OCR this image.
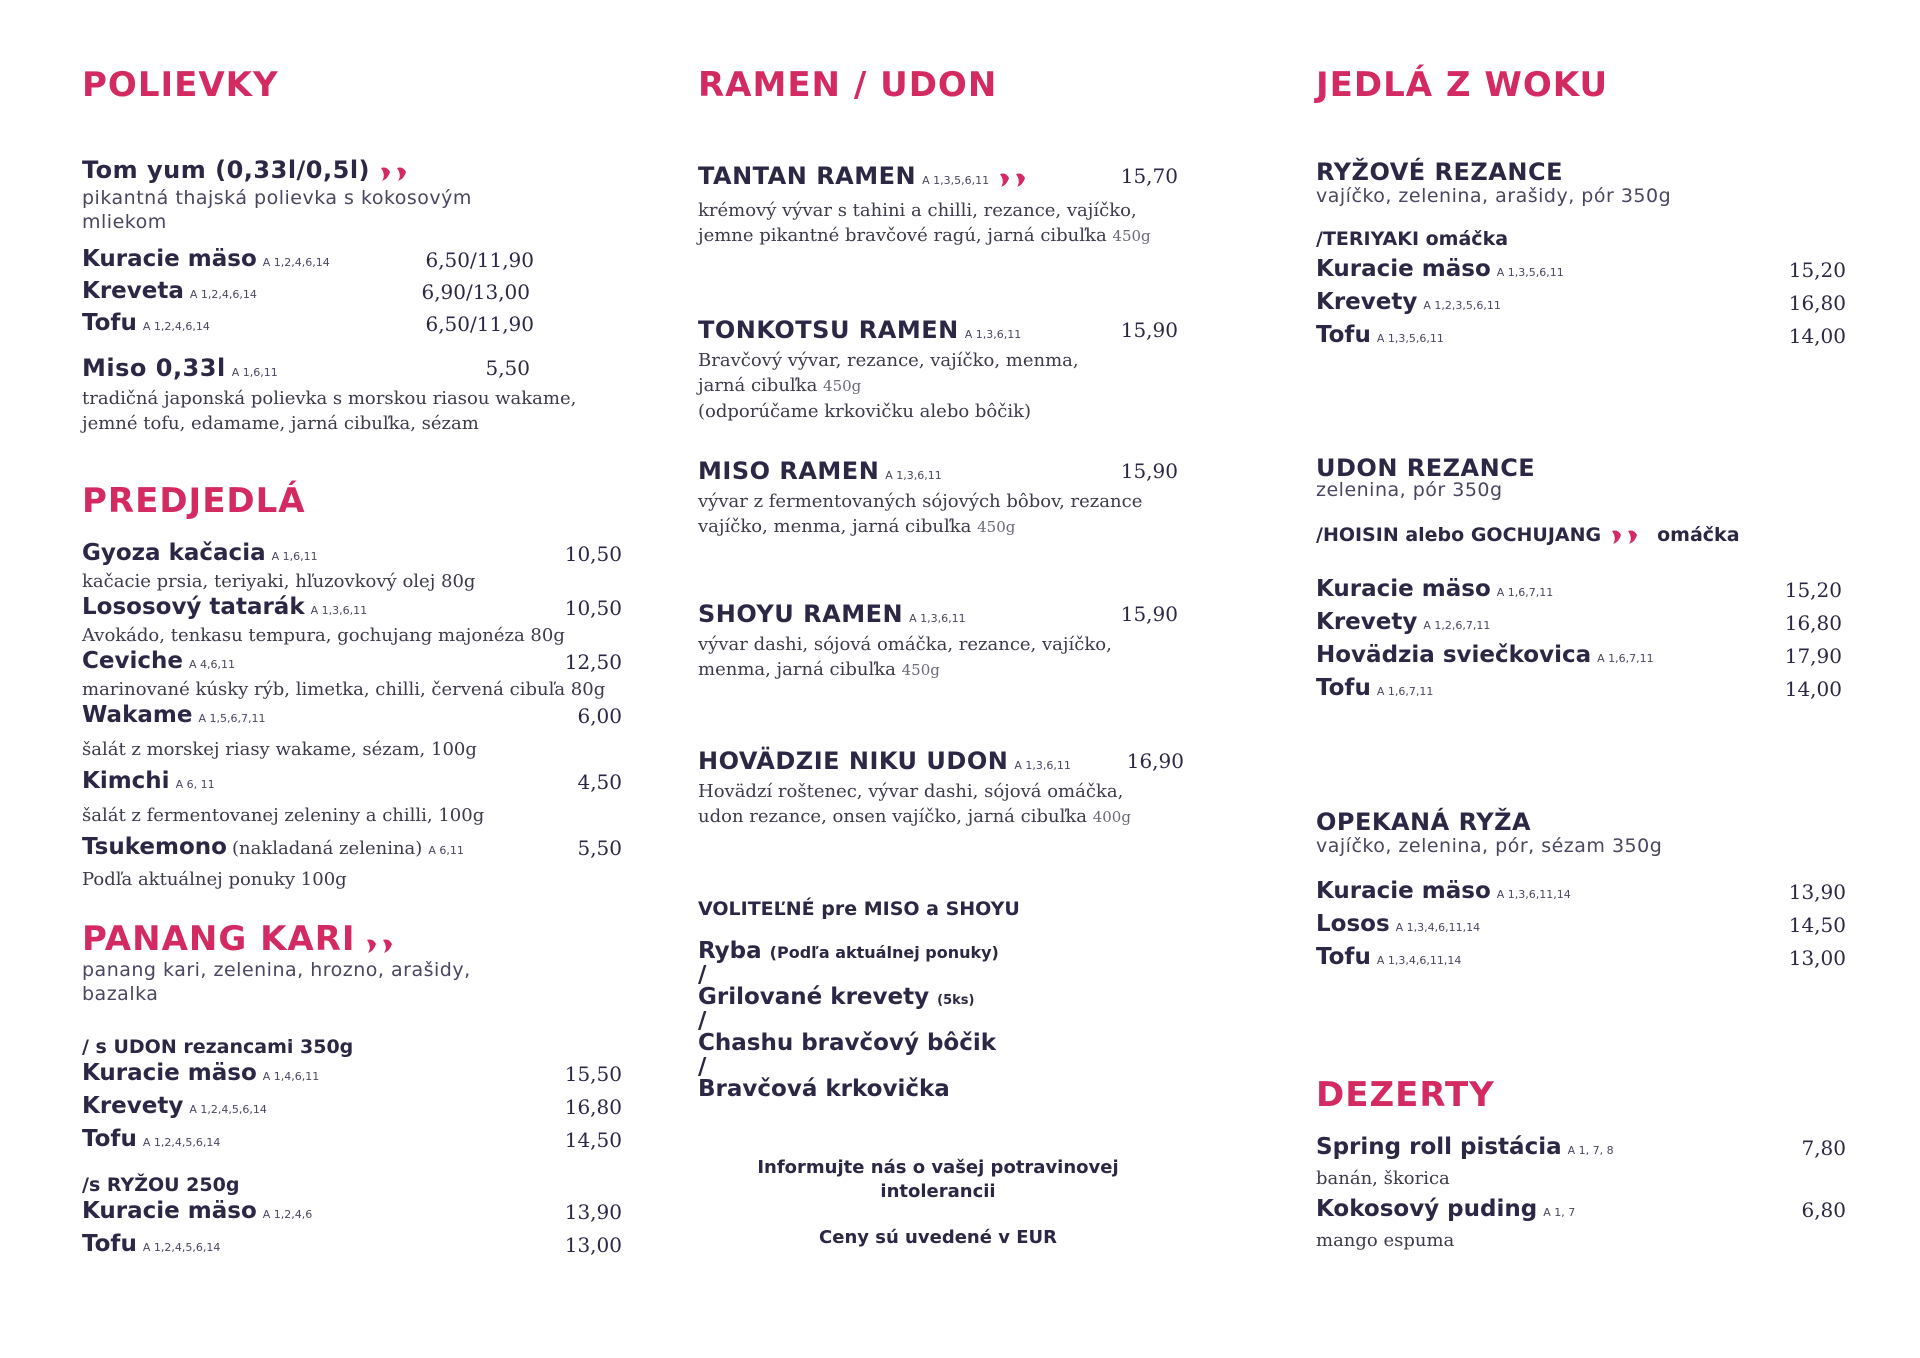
POLIEVKY
Tom yum (0,33l/0,5l)
pikantná thajská polievka s kokosovým
mliekom
Kuracie mäso A 1,2,4,6,14	6,50/11,90
Kreveta A 1,2,4,6,14	6,90/13,00
Tofu A 1,2,4,6,14	6,50/11,90
Miso 0,33l A 1,6,11	5,50
tradičná japonská polievka s morskou riasou wakame,
jemné tofu, edamame, jarná cibuľka, sézam
PREDJEDLÁ
Gyoza kačacia A 1,6,11	10,50
kačacie prsia, teriyaki, hľuzovkový olej 80g
Lososový tatarák A 1,3,6,11	10,50
Avokádo, tenkasu tempura, gochujang majonéza 80g
Ceviche A 4,6,11	12,50
marinované kúsky rýb, limetka, chilli, červená cibuľa 80g
Wakame A 1,5,6,7,11	6,00
šalát z morskej riasy wakame, sézam, 100g
Kimchi A 6, 11	4,50
šalát z fermentovanej zeleniny a chilli, 100g
Tsukemono (nakladaná zelenina) A 6,11	5,50
Podľa aktuálnej ponuky 100g
PANANG KARI
panang kari, zelenina, hrozno, arašidy,
bazalka
/ s UDON rezancami 350g
Kuracie mäso A 1,4,6,11	15,50
Krevety A 1,2,4,5,6,14	16,80
Tofu A 1,2,4,5,6,14	14,50
/s RYŽOU 250g
Kuracie mäso A 1,2,4,6	13,90
Tofu A 1,2,4,5,6,14	13,00
RAMEN / UDON
TANTAN RAMEN A 1,3,5,6,11	15,70
krémový vývar s tahini a chilli, rezance, vajíčko,
jemne pikantné bravčové ragú, jarná cibuľka 450g
TONKOTSU RAMEN A 1,3,6,11	15,90
Bravčový vývar, rezance, vajíčko, menma,
jarná cibuľka 450g
(odporúčame krkovičku alebo bôčik)
MISO RAMEN A 1,3,6,11	15,90
vývar z fermentovaných sójových bôbov, rezance
vajíčko, menma, jarná cibuľka 450g
SHOYU RAMEN A 1,3,6,11	15,90
vývar dashi, sójová omáčka, rezance, vajíčko,
menma, jarná cibuľka 450g
HOVÄDZIE NIKU UDON A 1,3,6,11	16,90
Hovädzí roštenec, vývar dashi, sójová omáčka,
udon rezance, onsen vajíčko, jarná cibuľka 400g
VOLITEĽNÉ pre MISO a SHOYU
Ryba (Podľa aktuálnej ponuky)
/
Grilované krevety (5ks)
/
Chashu bravčový bôčik
/
Bravčová krkovička
Informujte nás o vašej potravinovej
intolerancii
Ceny sú uvedené v EUR
JEDLÁ Z WOKU
RYŽOVÉ REZANCE
vajíčko, zelenina, arašidy, pór 350g
/TERIYAKI omáčka
Kuracie mäso A 1,3,5,6,11	15,20
Krevety A 1,2,3,5,6,11	16,80
Tofu A 1,3,5,6,11	14,00
UDON REZANCE
zelenina, pór 350g
/HOISIN alebo GOCHUJANG	omáčka
Kuracie mäso A 1,6,7,11	15,20
Krevety A 1,2,6,7,11	16,80
Hovädzia sviečkovica A 1,6,7,11	17,90
Tofu A 1,6,7,11	14,00
OPEKANÁ RYŽA
vajíčko, zelenina, pór, sézam 350g
Kuracie mäso A 1,3,6,11,14	13,90
Losos A 1,3,4,6,11,14	14,50
Tofu A 1,3,4,6,11,14	13,00
DEZERTY
Spring roll pistácia A 1, 7, 8	7,80
banán, škorica
Kokosový puding A 1, 7	6,80
mango espuma
